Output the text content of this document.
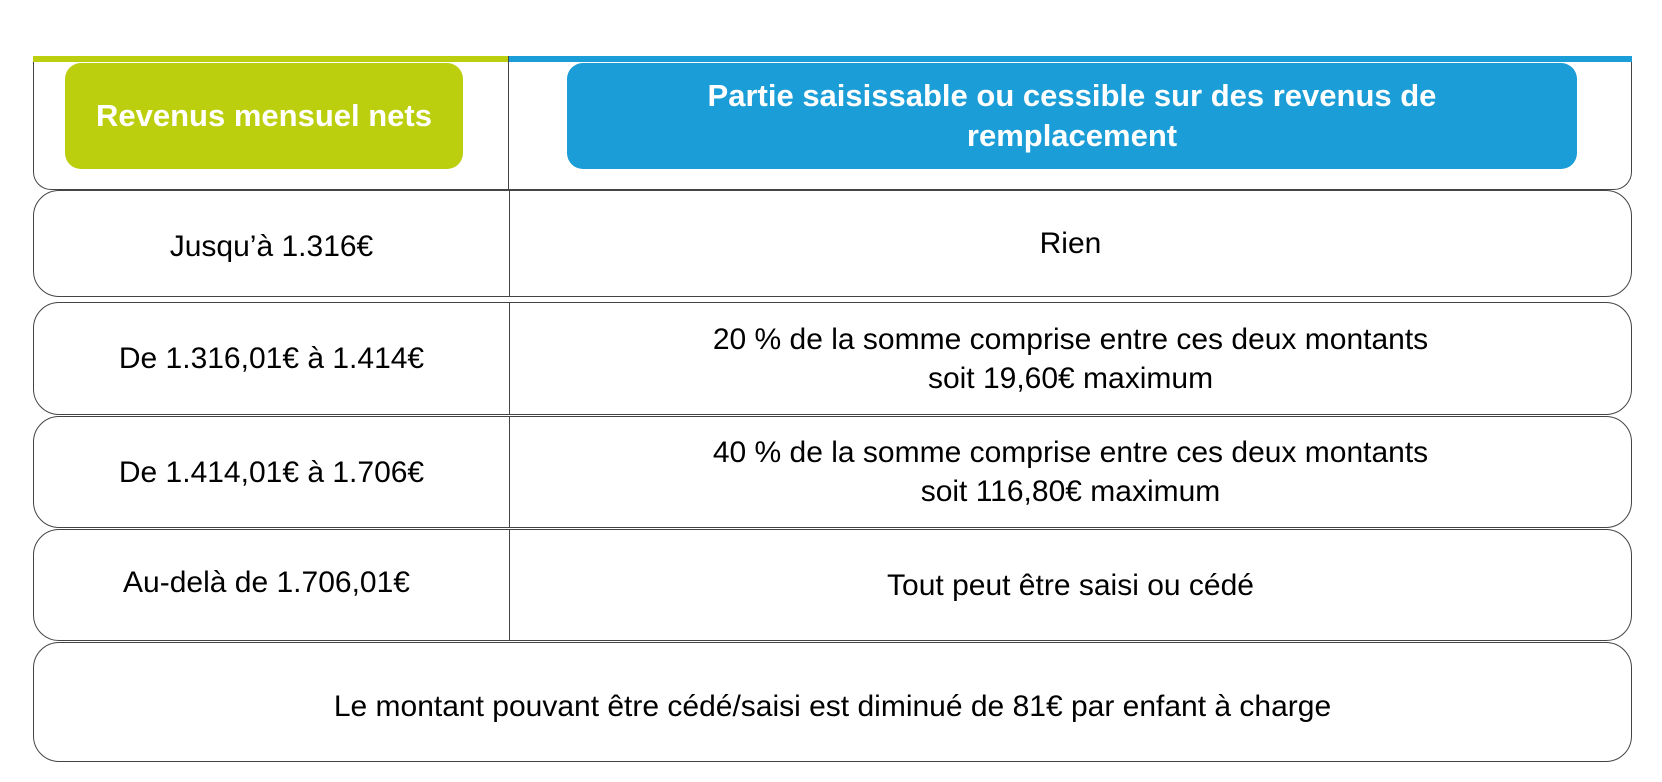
Revenus mensuel nets
Partie saisissable ou cessible sur des revenus de remplacement
Jusqu’à 1.316€	Rien
De 1.316,01€ à 1.414€
20 % de la somme comprise entre ces deux montants
soit 19,60€ maximum
De 1.414,01€ à 1.706€
40 % de la somme comprise entre ces deux montants
soit 116,80€ maximum
Au-delà de 1.706,01€	Tout peut être saisi ou cédé
Le montant pouvant être cédé/saisi est diminué de 81€ par enfant à charge
